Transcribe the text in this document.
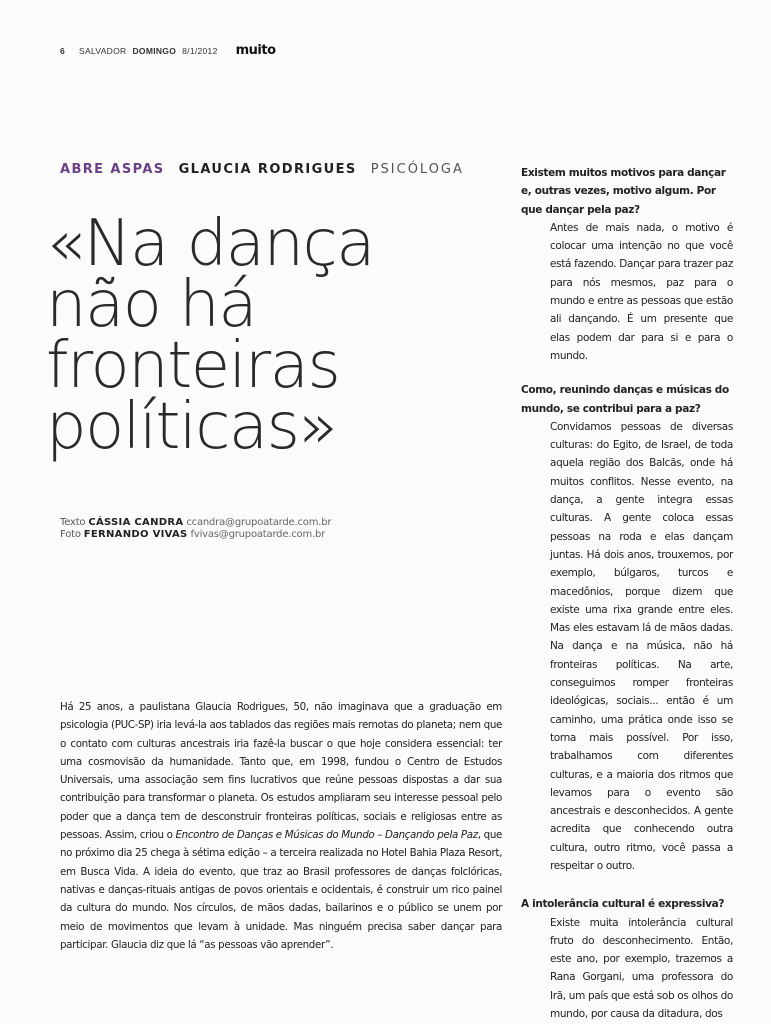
6 SALVADOR DOMINGO 8/1/2012 muito
ABRE ASPAS GLAUCIA RODRIGUES PSICÓLOGA
«Na dança
não há
fronteiras
políticas»
Texto CÁSSIA CANDRA ccandra@grupoatarde.com.br
Foto FERNANDO VIVAS fvivas@grupoatarde.com.br

Há 25 anos, a paulistana Glaucia Rodrigues, 50, não imaginava que a graduação em psicologia (PUC-SP) iria levá-la aos tablados das regiões mais remotas do planeta; nem que o contato com culturas ancestrais iria fazê-la buscar o que hoje considera essencial: ter uma cosmovisão da humanidade. Tanto que, em 1998, fundou o Centro de Estudos Universais, uma associação sem fins lucrativos que reúne pessoas dispostas a dar sua contribuição para transformar o planeta. Os estudos ampliaram seu interesse pessoal pelo poder que a dança tem de desconstruir fronteiras políticas, sociais e religiosas entre as pessoas. Assim, criou o Encontro de Danças e Músicas do Mundo – Dançando pela Paz, que no próximo dia 25 chega à sétima edição – a terceira realizada no Hotel Bahia Plaza Resort, em Busca Vida. A ideia do evento, que traz ao Brasil professores de danças folclóricas, nativas e danças-rituais antigas de povos orientais e ocidentais, é construir um rico painel da cultura do mundo. Nos círculos, de mãos dadas, bailarinos e o público se unem por meio de movimentos que levam à unidade. Mas ninguém precisa saber dançar para participar. Glaucia diz que lá “as pessoas vão aprender”.

Existem muitos motivos para dançar e, outras vezes, motivo algum. Por que dançar pela paz?

Antes de mais nada, o motivo é colocar uma intenção no que você está fazendo. Dançar para trazer paz para nós mesmos, paz para o mundo e entre as pessoas que estão ali dançando. É um presente que elas podem dar para si e para o mundo.

Como, reunindo danças e músicas do mundo, se contribui para a paz?

Convidamos pessoas de diversas culturas: do Egito, de Israel, de toda aquela região dos Balcãs, onde há muitos conflitos. Nesse evento, na dança, a gente integra essas culturas. A gente coloca essas pessoas na roda e elas dançam juntas. Há dois anos, trouxemos, por exemplo, búlgaros, turcos e macedônios, porque dizem que existe uma rixa grande entre eles. Mas eles estavam lá de mãos dadas. Na dança e na música, não há fronteiras políticas. Na arte, conseguimos romper fronteiras ideológicas, sociais... então é um caminho, uma prática onde isso se torna mais possível. Por isso, trabalhamos com diferentes culturas, e a maioria dos ritmos que levamos para o evento são ancestrais e desconhecidos. A gente acredita que conhecendo outra cultura, outro ritmo, você passa a respeitar o outro.

A intolerância cultural é expressiva?

Existe muita intolerância cultural fruto do desconhecimento. Então, este ano, por exemplo, trazemos a Rana Gorgani, uma professora do Irã, um país que está sob os olhos do mundo, por causa da ditadura, dos
